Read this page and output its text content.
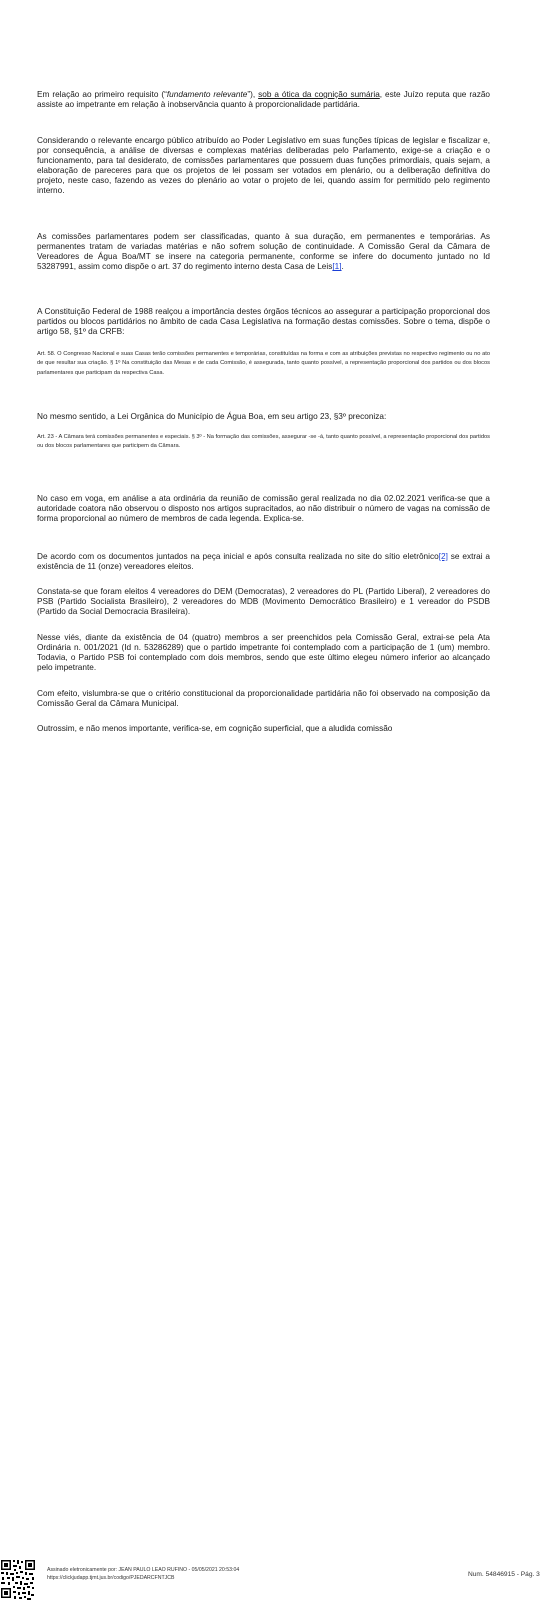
Em relação ao primeiro requisito (“fundamento relevante”), sob a ótica da cognição sumária, este Juízo reputa que razão assiste ao impetrante em relação à inobservância quanto à proporcionalidade partidária.

Considerando o relevante encargo público atribuído ao Poder Legislativo em suas funções típicas de legislar e fiscalizar e, por consequência, a análise de diversas e complexas matérias deliberadas pelo Parlamento, exige-se a criação e o funcionamento, para tal desiderato, de comissões parlamentares que possuem duas funções primordiais, quais sejam, a elaboração de pareceres para que os projetos de lei possam ser votados em plenário, ou a deliberação definitiva do projeto, neste caso, fazendo as vezes do plenário ao votar o projeto de lei, quando assim for permitido pelo regimento interno.

As comissões parlamentares podem ser classificadas, quanto à sua duração, em permanentes e temporárias. As permanentes tratam de variadas matérias e não sofrem solução de continuidade. A Comissão Geral da Câmara de Vereadores de Água Boa/MT se insere na categoria permanente, conforme se infere do documento juntado no Id 53287991, assim como dispõe o art. 37 do regimento interno desta Casa de Leis[1].

A Constituição Federal de 1988 realçou a importância destes órgãos técnicos ao assegurar a participação proporcional dos partidos ou blocos partidários no âmbito de cada Casa Legislativa na formação destas comissões. Sobre o tema, dispõe o artigo 58, §1º da CRFB:

Art. 58. O Congresso Nacional e suas Casas terão comissões permanentes e temporárias, constituídas na forma e com as atribuições previstas no respectivo regimento ou no ato de que resultar sua criação. § 1º Na constituição das Mesas e de cada Comissão, é assegurada, tanto quanto possível, a representação proporcional dos partidos ou dos blocos parlamentares que participam da respectiva Casa.

No mesmo sentido, a Lei Orgânica do Município de Água Boa, em seu artigo 23, §3º preconiza:

Art. 23 - A Câmara terá comissões permanentes e especiais. § 3º - Na formação das comissões, assegurar -se -á, tanto quanto possível, a representação proporcional dos partidos ou dos blocos parlamentares que participem da Câmara.

No caso em voga, em análise a ata ordinária da reunião de comissão geral realizada no dia 02.02.2021 verifica-se que a autoridade coatora não observou o disposto nos artigos supracitados, ao não distribuir o número de vagas na comissão de forma proporcional ao número de membros de cada legenda. Explica-se.

De acordo com os documentos juntados na peça inicial e após consulta realizada no site do sítio eletrônico[2] se extrai a existência de 11 (onze) vereadores eleitos.

Constata-se que foram eleitos 4 vereadores do DEM (Democratas), 2 vereadores do PL (Partido Liberal), 2 vereadores do PSB (Partido Socialista Brasileiro), 2 vereadores do MDB (Movimento Democrático Brasileiro) e 1 vereador do PSDB (Partido da Social Democracia Brasileira).

Nesse viés, diante da existência de 04 (quatro) membros a ser preenchidos pela Comissão Geral, extrai-se pela Ata Ordinária n. 001/2021 (Id n. 53286289) que o partido impetrante foi contemplado com a participação de 1 (um) membro. Todavia, o Partido PSB foi contemplado com dois membros, sendo que este último elegeu número inferior ao alcançado pelo impetrante.

Com efeito, vislumbra-se que o critério constitucional da proporcionalidade partidária não foi observado na composição da Comissão Geral da Câmara Municipal.

Outrossim, e não menos importante, verifica-se, em cognição superficial, que a aludida comissão

Assinado eletronicamente por: JEAN PAULO LEAO RUFINO - 05/05/2021 20:53:04
https://clickjudapp.tjmt.jus.br/codigo/PJEDARCFNTJCB	Num. 54846915 - Pág. 3
